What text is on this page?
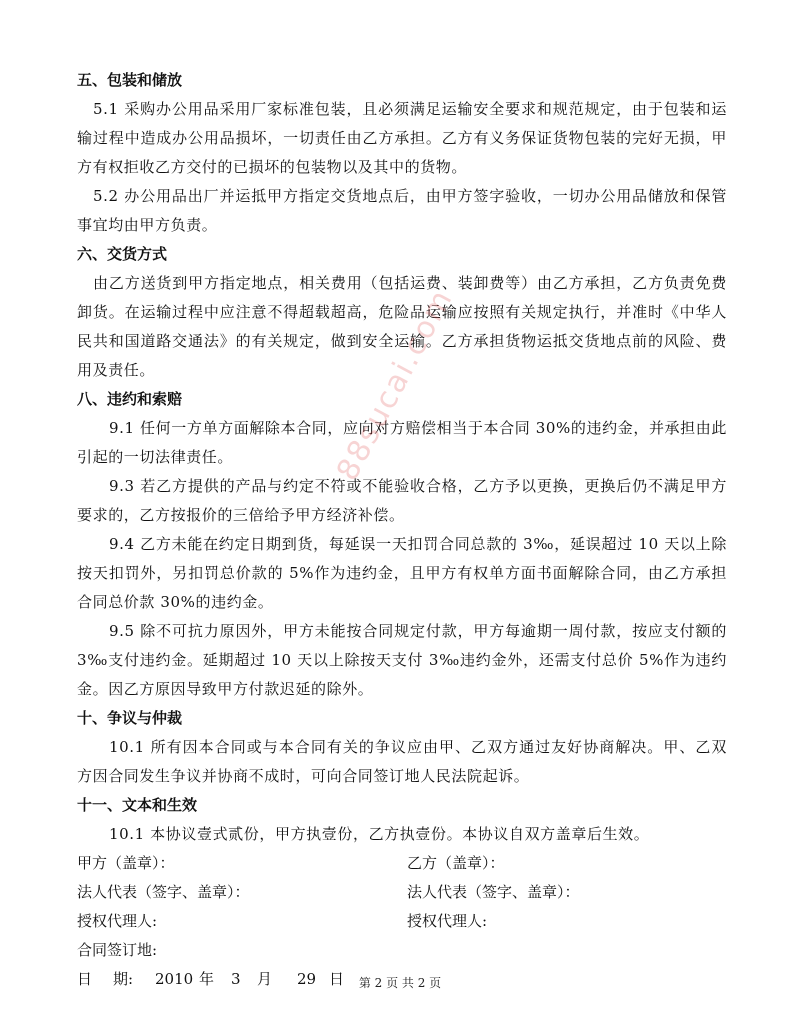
五、包装和储放

5.1 采购办公用品采用厂家标准包装，且必须满足运输安全要求和规范规定，由于包装和运输过程中造成办公用品损坏，一切责任由乙方承担。乙方有义务保证货物包装的完好无损，甲方有权拒收乙方交付的已损坏的包装物以及其中的货物。

5.2 办公用品出厂并运抵甲方指定交货地点后，由甲方签字验收，一切办公用品储放和保管事宜均由甲方负责。

六、交货方式

由乙方送货到甲方指定地点，相关费用（包括运费、装卸费等）由乙方承担，乙方负责免费卸货。在运输过程中应注意不得超载超高，危险品运输应按照有关规定执行，并准时《中华人民共和国道路交通法》的有关规定，做到安全运输。乙方承担货物运抵交货地点前的风险、费用及责任。

八、违约和索赔

9.1 任何一方单方面解除本合同，应向对方赔偿相当于本合同 30%的违约金，并承担由此引起的一切法律责任。

9.3 若乙方提供的产品与约定不符或不能验收合格，乙方予以更换，更换后仍不满足甲方要求的，乙方按报价的三倍给予甲方经济补偿。

9.4 乙方未能在约定日期到货，每延误一天扣罚合同总款的 3‰，延误超过 10 天以上除按天扣罚外，另扣罚总价款的 5%作为违约金，且甲方有权单方面书面解除合同，由乙方承担合同总价款 30%的违约金。

9.5 除不可抗力原因外，甲方未能按合同规定付款，甲方每逾期一周付款，按应支付额的 3‰支付违约金。延期超过 10 天以上除按天支付 3‰违约金外，还需支付总价 5%作为违约金。因乙方原因导致甲方付款迟延的除外。

十、争议与仲裁

10.1 所有因本合同或与本合同有关的争议应由甲、乙双方通过友好协商解决。甲、乙双方因合同发生争议并协商不成时，可向合同签订地人民法院起诉。

十一、文本和生效

10.1 本协议壹式贰份，甲方执壹份，乙方执壹份。本协议自双方盖章后生效。

甲方（盖章）：	乙方（盖章）：
法人代表（签字、盖章）：	法人代表（签字、盖章）：
授权代理人:	授权代理人:
合同签订地:
日 期: 2010 年 3 月 29 日
88sucai.com
第 2 页 共 2 页
